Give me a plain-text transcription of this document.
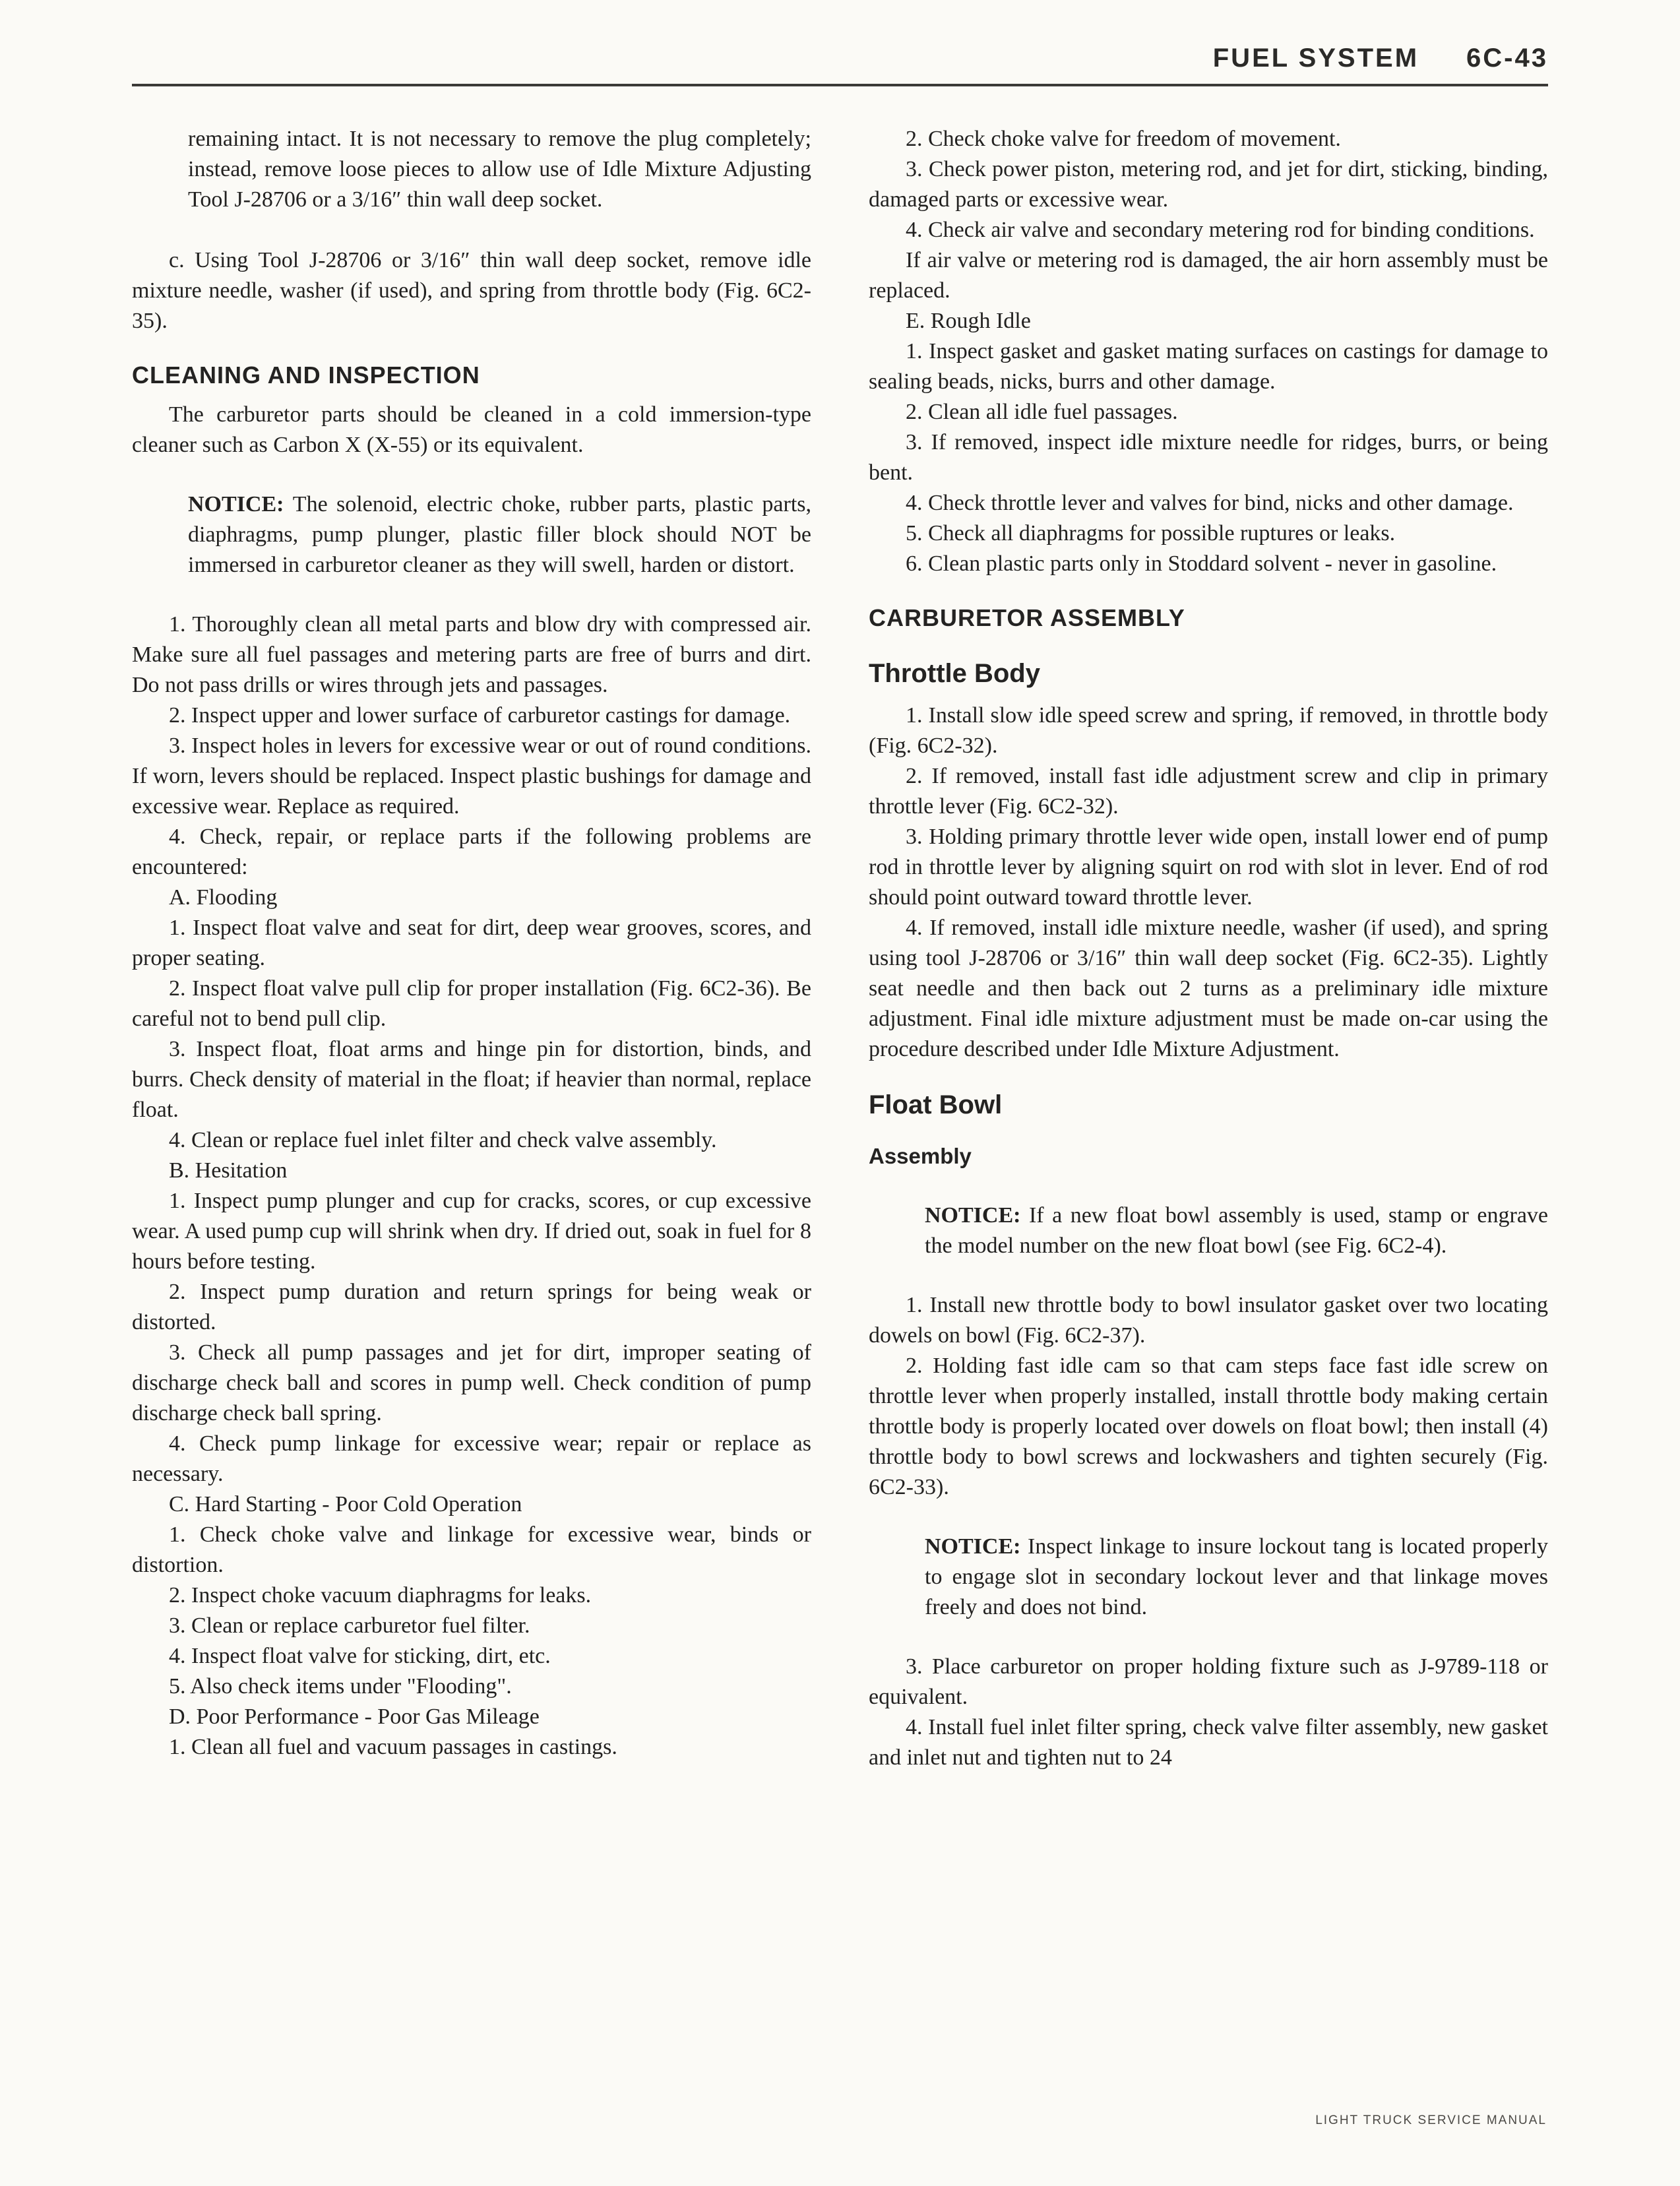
FUEL SYSTEM 6C-43

remaining intact. It is not necessary to remove the plug completely; instead, remove loose pieces to allow use of Idle Mixture Adjusting Tool J-28706 or a 3/16″ thin wall deep socket.

c. Using Tool J-28706 or 3/16″ thin wall deep socket, remove idle mixture needle, washer (if used), and spring from throttle body (Fig. 6C2-35).

CLEANING AND INSPECTION

The carburetor parts should be cleaned in a cold immersion-type cleaner such as Carbon X (X-55) or its equivalent.

NOTICE: The solenoid, electric choke, rubber parts, plastic parts, diaphragms, pump plunger, plastic filler block should NOT be immersed in carburetor cleaner as they will swell, harden or distort.

1. Thoroughly clean all metal parts and blow dry with compressed air. Make sure all fuel passages and metering parts are free of burrs and dirt. Do not pass drills or wires through jets and passages.

2. Inspect upper and lower surface of carburetor castings for damage.

3. Inspect holes in levers for excessive wear or out of round conditions. If worn, levers should be replaced. Inspect plastic bushings for damage and excessive wear. Replace as required.

4. Check, repair, or replace parts if the following problems are encountered:

A. Flooding

1. Inspect float valve and seat for dirt, deep wear grooves, scores, and proper seating.

2. Inspect float valve pull clip for proper installation (Fig. 6C2-36). Be careful not to bend pull clip.

3. Inspect float, float arms and hinge pin for distortion, binds, and burrs. Check density of material in the float; if heavier than normal, replace float.

4. Clean or replace fuel inlet filter and check valve assembly.

B. Hesitation

1. Inspect pump plunger and cup for cracks, scores, or cup excessive wear. A used pump cup will shrink when dry. If dried out, soak in fuel for 8 hours before testing.

2. Inspect pump duration and return springs for being weak or distorted.

3. Check all pump passages and jet for dirt, improper seating of discharge check ball and scores in pump well. Check condition of pump discharge check ball spring.

4. Check pump linkage for excessive wear; repair or replace as necessary.

C. Hard Starting - Poor Cold Operation

1. Check choke valve and linkage for excessive wear, binds or distortion.

2. Inspect choke vacuum diaphragms for leaks.

3. Clean or replace carburetor fuel filter.

4. Inspect float valve for sticking, dirt, etc.

5. Also check items under "Flooding".

D. Poor Performance - Poor Gas Mileage

1. Clean all fuel and vacuum passages in castings.

2. Check choke valve for freedom of movement.

3. Check power piston, metering rod, and jet for dirt, sticking, binding, damaged parts or excessive wear.

4. Check air valve and secondary metering rod for binding conditions.

If air valve or metering rod is damaged, the air horn assembly must be replaced.

E. Rough Idle

1. Inspect gasket and gasket mating surfaces on castings for damage to sealing beads, nicks, burrs and other damage.

2. Clean all idle fuel passages.

3. If removed, inspect idle mixture needle for ridges, burrs, or being bent.

4. Check throttle lever and valves for bind, nicks and other damage.

5. Check all diaphragms for possible ruptures or leaks.

6. Clean plastic parts only in Stoddard solvent - never in gasoline.

CARBURETOR ASSEMBLY
Throttle Body

1. Install slow idle speed screw and spring, if removed, in throttle body (Fig. 6C2-32).

2. If removed, install fast idle adjustment screw and clip in primary throttle lever (Fig. 6C2-32).

3. Holding primary throttle lever wide open, install lower end of pump rod in throttle lever by aligning squirt on rod with slot in lever. End of rod should point outward toward throttle lever.

4. If removed, install idle mixture needle, washer (if used), and spring using tool J-28706 or 3/16″ thin wall deep socket (Fig. 6C2-35). Lightly seat needle and then back out 2 turns as a preliminary idle mixture adjustment. Final idle mixture adjustment must be made on-car using the procedure described under Idle Mixture Adjustment.

Float Bowl
Assembly

NOTICE: If a new float bowl assembly is used, stamp or engrave the model number on the new float bowl (see Fig. 6C2-4).

1. Install new throttle body to bowl insulator gasket over two locating dowels on bowl (Fig. 6C2-37).

2. Holding fast idle cam so that cam steps face fast idle screw on throttle lever when properly installed, install throttle body making certain throttle body is properly located over dowels on float bowl; then install (4) throttle body to bowl screws and lockwashers and tighten securely (Fig. 6C2-33).

NOTICE: Inspect linkage to insure lockout tang is located properly to engage slot in secondary lockout lever and that linkage moves freely and does not bind.

3. Place carburetor on proper holding fixture such as J-9789-118 or equivalent.

4. Install fuel inlet filter spring, check valve filter assembly, new gasket and inlet nut and tighten nut to 24

LIGHT TRUCK SERVICE MANUAL
